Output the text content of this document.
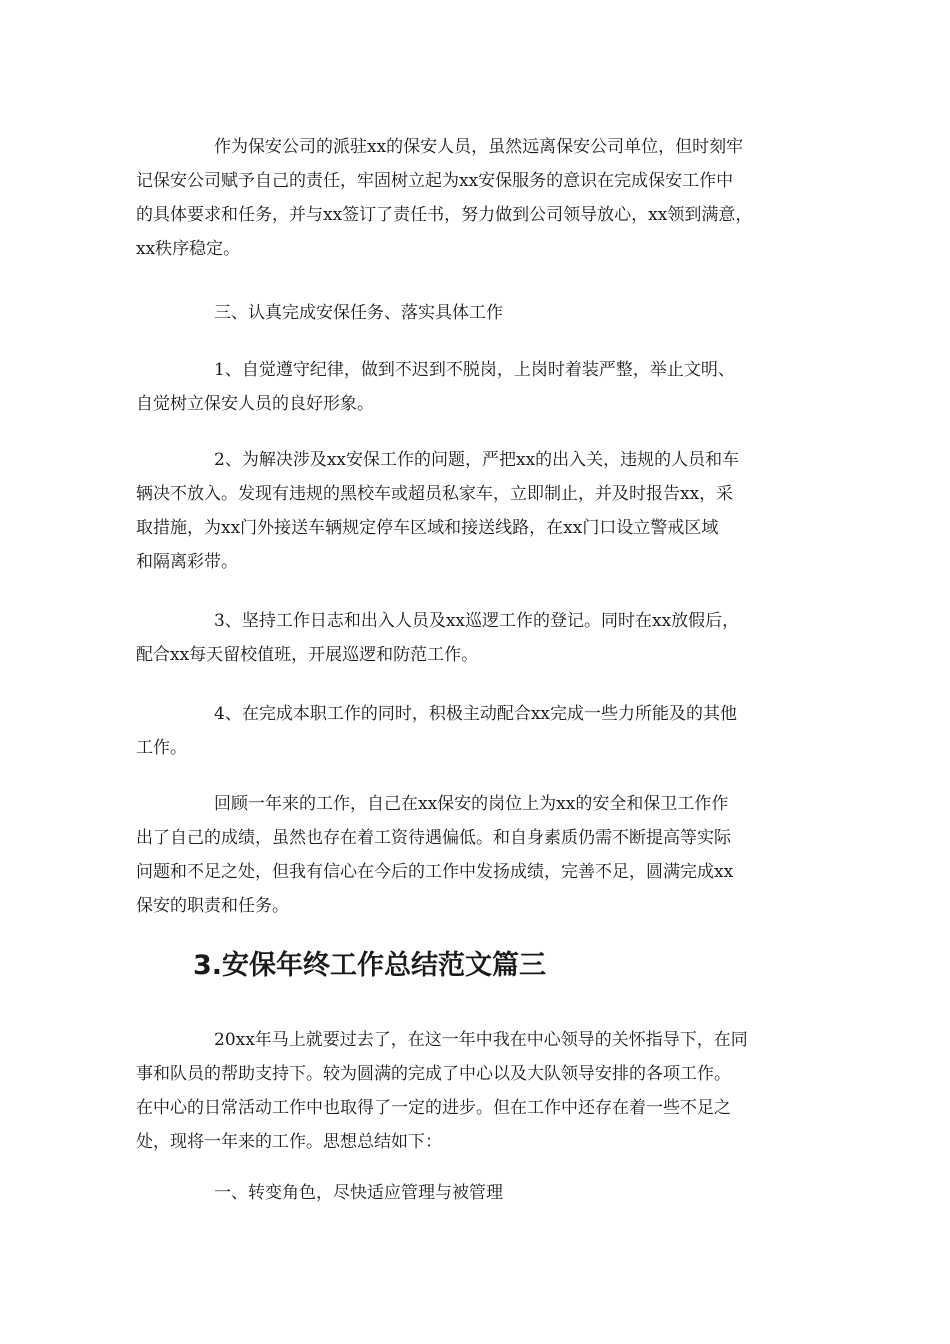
作为保安公司的派驻xx的保安人员，虽然远离保安公司单位，但时刻牢
记保安公司赋予自己的责任，牢固树立起为xx安保服务的意识在完成保安工作中
的具体要求和任务，并与xx签订了责任书，努力做到公司领导放心，xx领到满意，
xx秩序稳定。

三、认真完成安保任务、落实具体工作

1、自觉遵守纪律，做到不迟到不脱岗，上岗时着装严整，举止文明、
自觉树立保安人员的良好形象。

2、为解决涉及xx安保工作的问题，严把xx的出入关，违规的人员和车
辆决不放入。发现有违规的黑校车或超员私家车，立即制止，并及时报告xx，采
取措施，为xx门外接送车辆规定停车区域和接送线路，在xx门口设立警戒区域
和隔离彩带。

3、坚持工作日志和出入人员及xx巡逻工作的登记。同时在xx放假后，
配合xx每天留校值班，开展巡逻和防范工作。

4、在完成本职工作的同时，积极主动配合xx完成一些力所能及的其他
工作。

回顾一年来的工作，自己在xx保安的岗位上为xx的安全和保卫工作作
出了自己的成绩，虽然也存在着工资待遇偏低。和自身素质仍需不断提高等实际
问题和不足之处，但我有信心在今后的工作中发扬成绩，完善不足，圆满完成xx
保安的职责和任务。

3.安保年终工作总结范文篇三

20xx年马上就要过去了，在这一年中我在中心领导的关怀指导下，在同
事和队员的帮助支持下。较为圆满的完成了中心以及大队领导安排的各项工作。
在中心的日常活动工作中也取得了一定的进步。但在工作中还存在着一些不足之
处，现将一年来的工作。思想总结如下：

一、转变角色，尽快适应管理与被管理
